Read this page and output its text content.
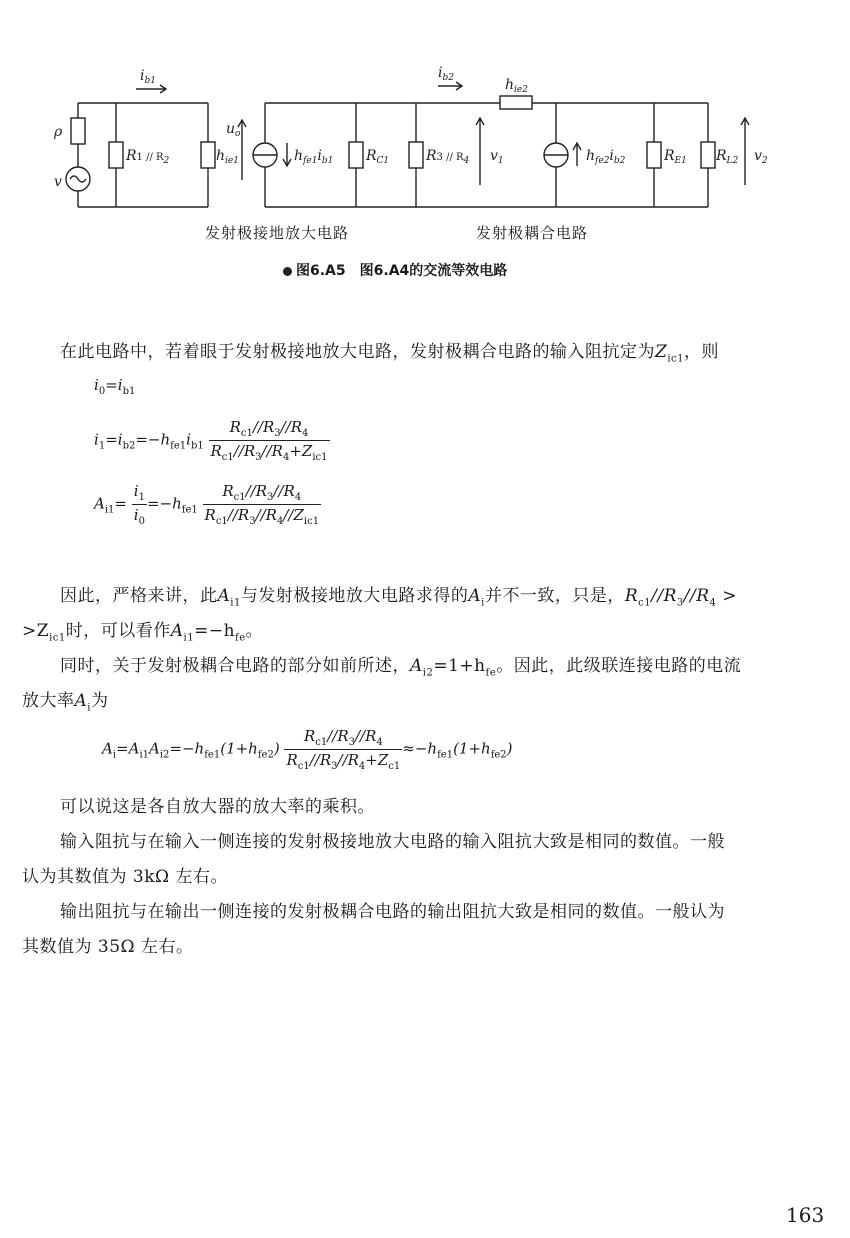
$i_{b1}$	$i_{b2}$	$h_{ie2}$
ρ
v
$R1 // R_2$	$h_{ie1}$
$u_o$
$h_{fe1}i_{b1}$ $R_{C1}$	$R3 // R_4$ $v_1$	$h_{fe2}i_{b2}$	$R_{E1}$ $R_{L2}$ $v_2$
发射极接地放大电路	发射极耦合电路
图6.A5 图6.A4的交流等效电路

在此电路中，若着眼于发射极接地放大电路，发射极耦合电路的输入阻抗定为$Z_{ic1}$，则

$i_0=i_{b1}$
$i_1=i_{b2}=-h_{fe1}i_{b1} \frac{R_{c1}//R_3//R_4}{R_{c1}//R_3//R_4+Z_{ic1}}$
$A_{i1}= \frac{i_1}{i_0} =-h_{fe1} \frac{R_{c1}//R_3//R_4}{R_{c1}//R_3//R_4//Z_{ic1}}$

因此，严格来讲，此$A_{i1}$与发射极接地放大电路求得的$A_i$并不一致，只是，$R_{c1}//R_3//R_4$ >

$>Z_{ic1}$时，可以看作$A_{i1}=-h_{fe}$。

同时，关于发射极耦合电路的部分如前所述，$A_{i2}=1+h_{fe}$。因此，此级联连接电路的电流

放大率$A_i$为

$A_i=A_{i1}A_{i2}=-h_{fe1}(1+h_{fe2}) \frac{R_{c1}//R_3//R_4}{R_{c1}//R_3//R_4+Z_{c1}} \approx-h_{fe1}(1+h_{fe2})$

可以说这是各自放大器的放大率的乘积。

输入阻抗与在输入一侧连接的发射极接地放大电路的输入阻抗大致是相同的数值。一般

认为其数值为 3kΩ 左右。

输出阻抗与在输出一侧连接的发射极耦合电路的输出阻抗大致是相同的数值。一般认为

其数值为 35Ω 左右。

163
